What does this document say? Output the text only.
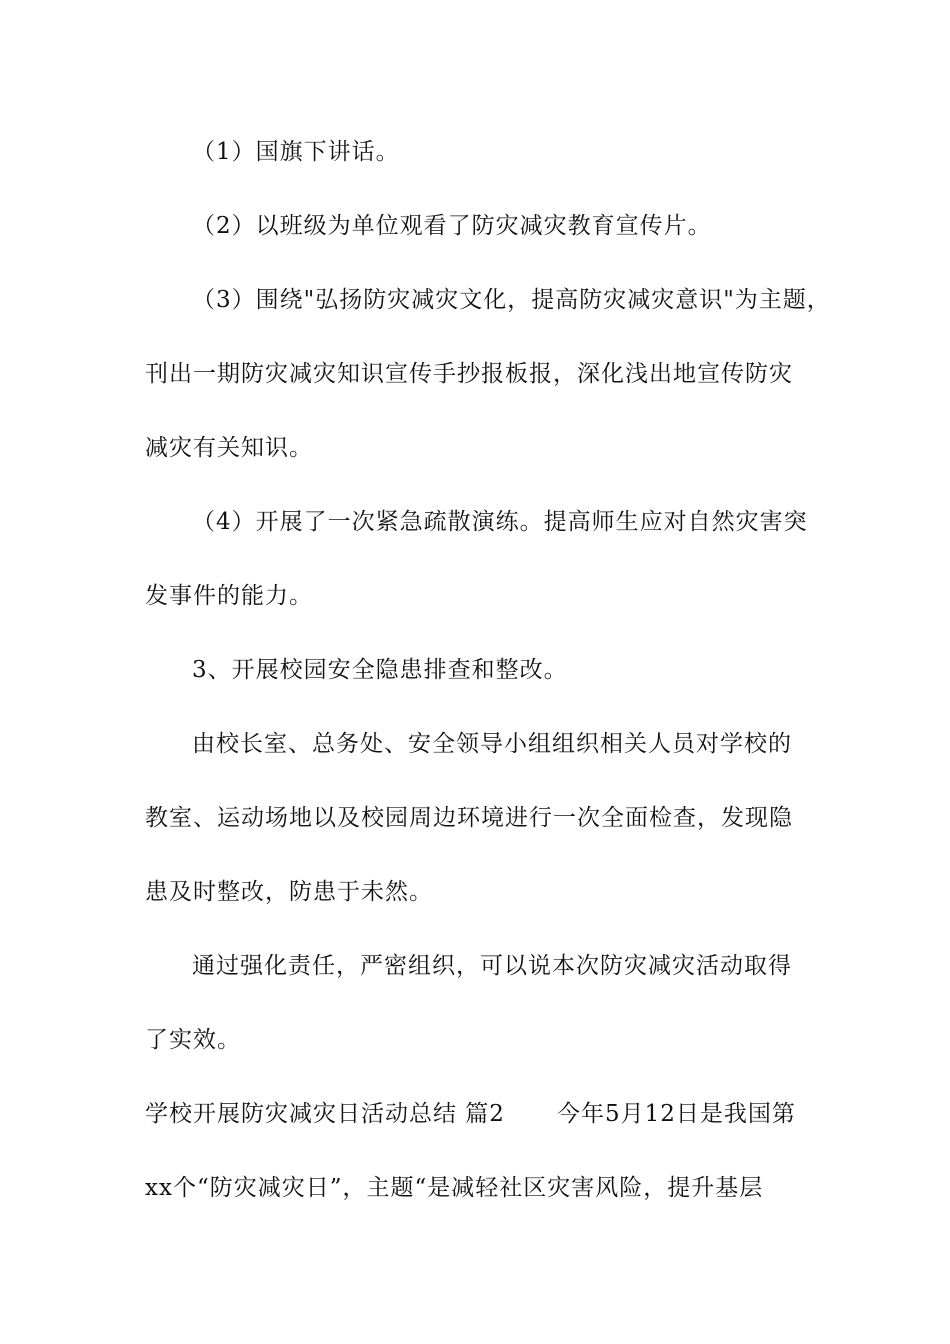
（1）国旗下讲话。
（2）以班级为单位观看了防灾减灾教育宣传片。
（3）围绕"弘扬防灾减灾文化，提高防灾减灾意识"为主题，
刊出一期防灾减灾知识宣传手抄报板报，深化浅出地宣传防灾
减灾有关知识。
（4）开展了一次紧急疏散演练。提高师生应对自然灾害突
发事件的能力。
3、开展校园安全隐患排查和整改。
由校长室、总务处、安全领导小组组织相关人员对学校的
教室、运动场地以及校园周边环境进行一次全面检查，发现隐
患及时整改，防患于未然。
通过强化责任，严密组织，可以说本次防灾减灾活动取得
了实效。
学校开展防灾减灾日活动总结 篇2 今年5月12日是我国第
xx个“防灾减灾日”，主题“是减轻社区灾害风险，提升基层
